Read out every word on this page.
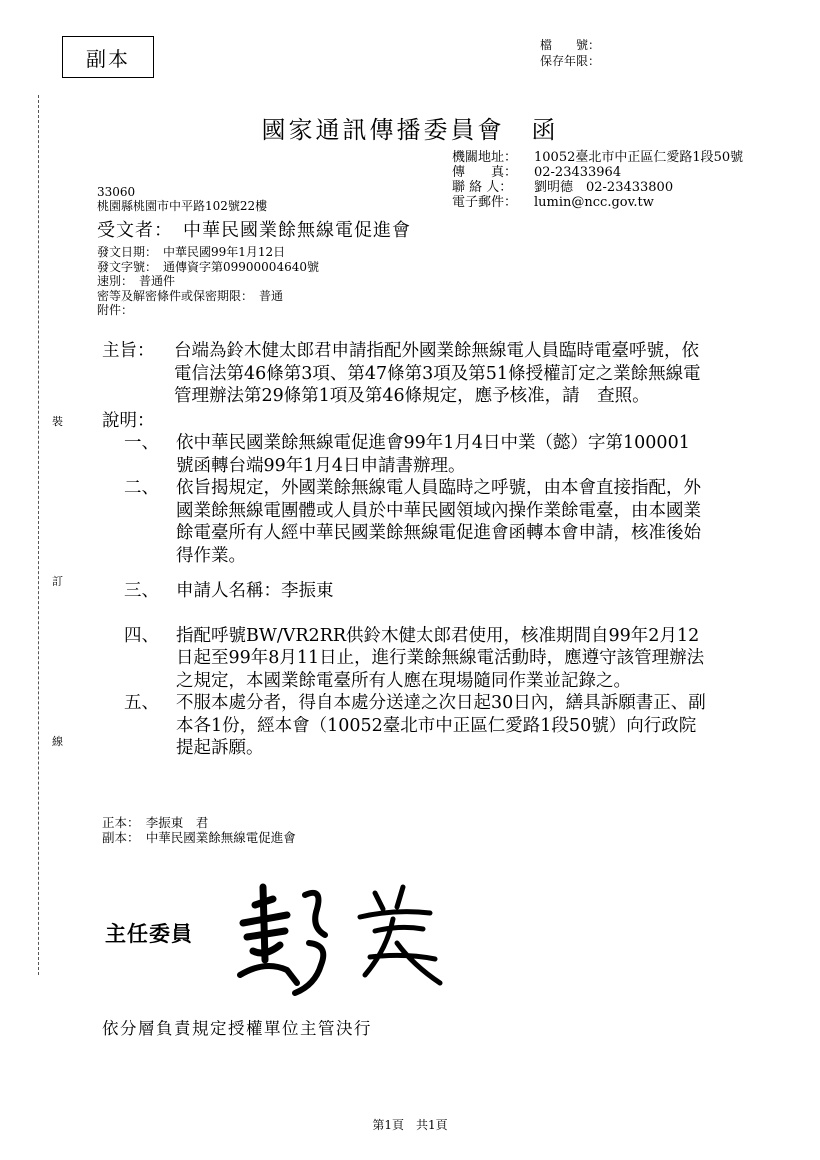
副本
檔　　號：
保存年限：
裝
訂
線
國家通訊傳播委員會　函
機關地址：	10052臺北市中正區仁愛路1段50號
傳　　真：	02-23433964
聯 絡 人：	劉明德　02-23433800
電子郵件：	lumin@ncc.gov.tw
33060
桃園縣桃園市中平路102號22樓
受文者：　中華民國業餘無線電促進會
發文日期：　中華民國99年1月12日
發文字號：　通傳資字第09900004640號
速別：　普通件
密等及解密條件或保密期限：　普通
附件：
主旨：	台端為鈴木健太郎君申請指配外國業餘無線電人員臨時電臺呼號，依電信法第46條第3項、第47條第3項及第51條授權訂定之業餘無線電管理辦法第29條第1項及第46條規定，應予核准，請　查照。
說明：
一、 依中華民國業餘無線電促進會99年1月4日中業（懿）字第100001號函轉台端99年1月4日申請書辦理。
二、 依旨揭規定，外國業餘無線電人員臨時之呼號，由本會直接指配，外國業餘無線電團體或人員於中華民國領域內操作業餘電臺，由本國業餘電臺所有人經中華民國業餘無線電促進會函轉本會申請，核准後始得作業。
三、 申請人名稱：李振東
四、 指配呼號BW/VR2RR供鈴木健太郎君使用，核准期間自99年2月12日起至99年8月11日止，進行業餘無線電活動時，應遵守該管理辦法之規定，本國業餘電臺所有人應在現場隨同作業並記錄之。
五、 不服本處分者，得自本處分送達之次日起30日內，繕具訴願書正、副本各1份，經本會（10052臺北市中正區仁愛路1段50號）向行政院提起訴願。
正本：　李振東　君
副本：　中華民國業餘無線電促進會
主任委員
依分層負責規定授權單位主管決行
第1頁　共1頁
